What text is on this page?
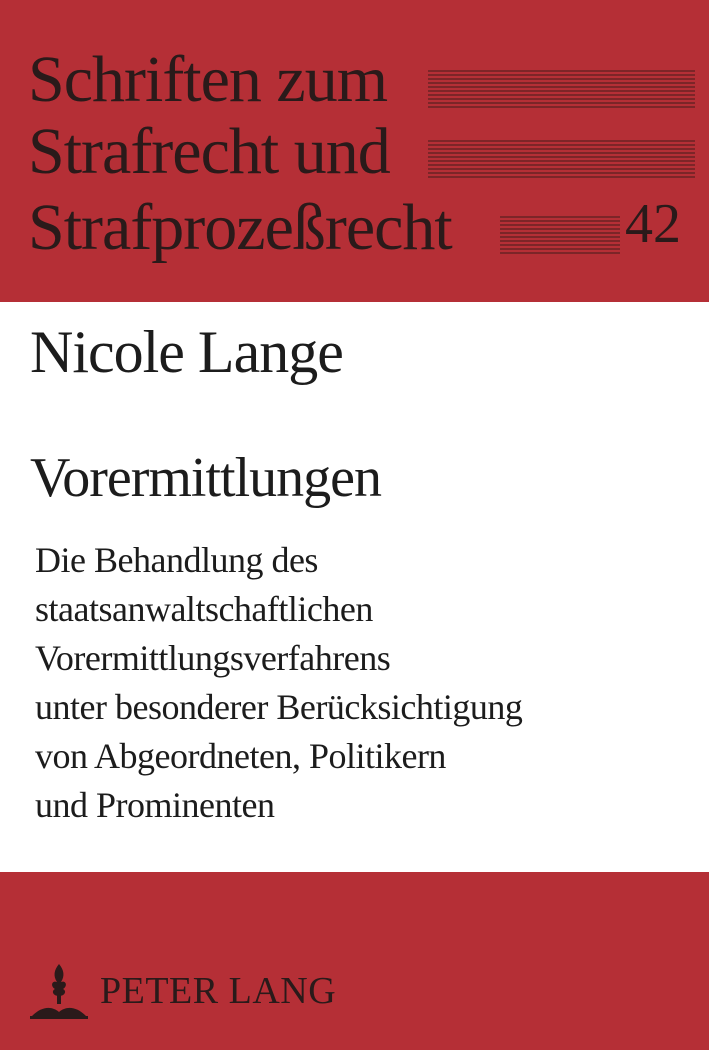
Schriften zum
Strafrecht und
Strafprozeßrecht	42
Nicole Lange
Vorermittlungen
Die Behandlung des
staatsanwaltschaftlichen
Vorermittlungsverfahrens
unter besonderer Berücksichtigung
von Abgeordneten, Politikern
und Prominenten
PETER LANG
